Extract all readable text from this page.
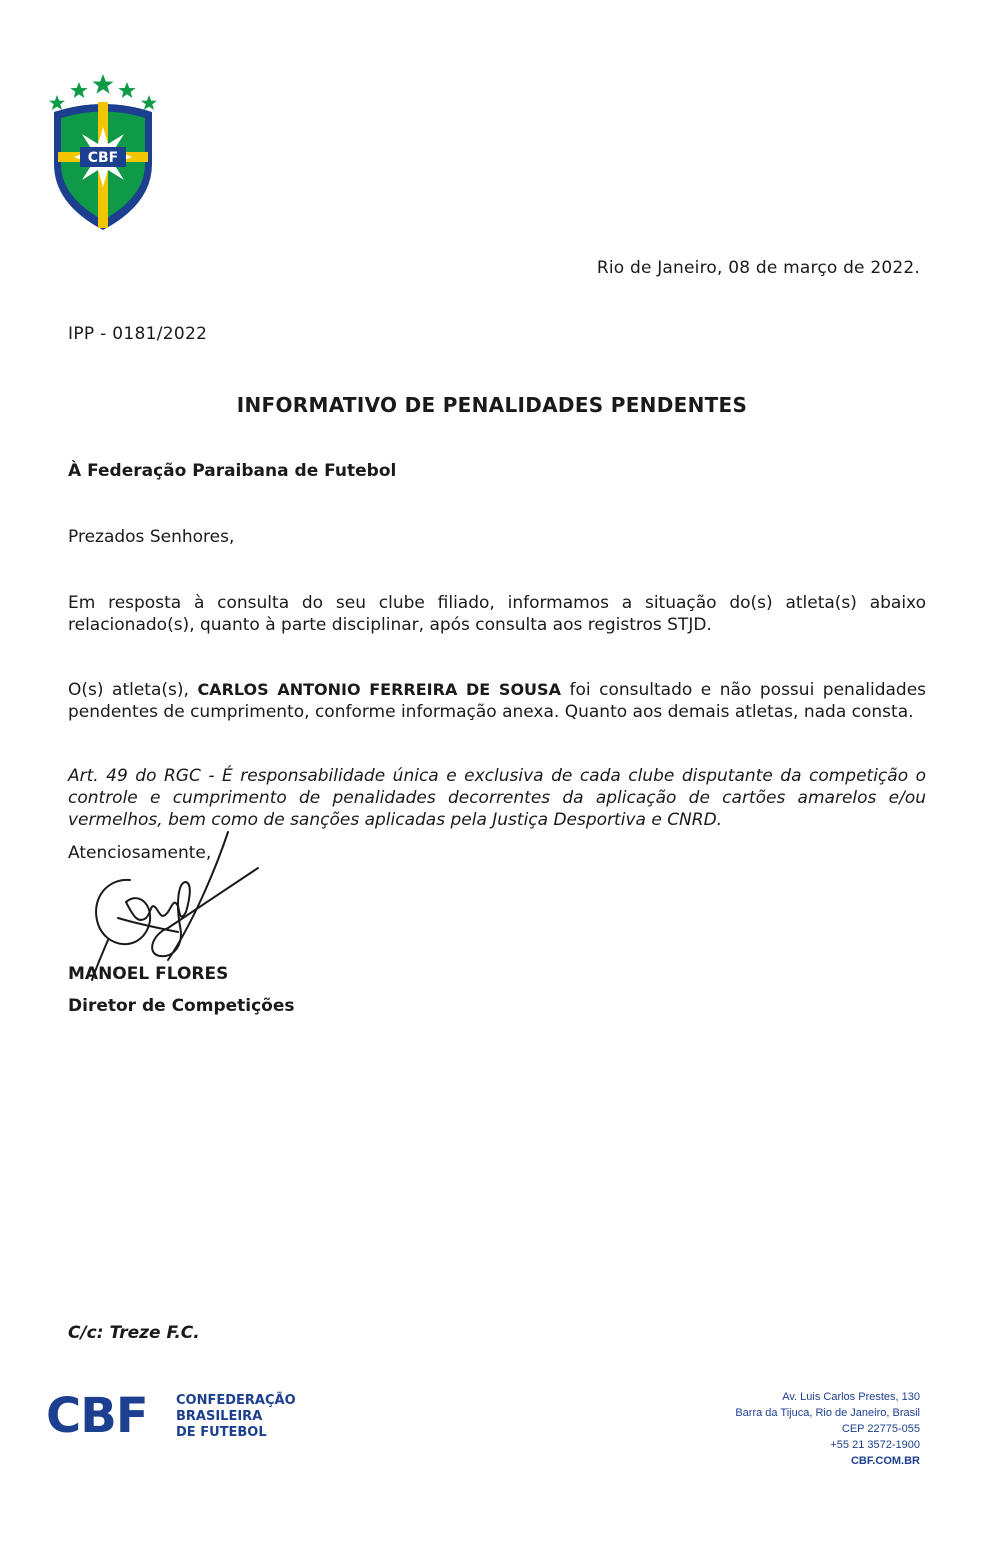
CBF
Rio de Janeiro, 08 de março de 2022.
IPP - 0181/2022
INFORMATIVO DE PENALIDADES PENDENTES
À Federação Paraibana de Futebol
Prezados Senhores,
Em resposta à consulta do seu clube filiado, informamos a situação do(s) atleta(s) abaixo relacionado(s), quanto à parte disciplinar, após consulta aos registros STJD.
O(s) atleta(s), CARLOS ANTONIO FERREIRA DE SOUSA foi consultado e não possui penalidades pendentes de cumprimento, conforme informação anexa. Quanto aos demais atletas, nada consta.
Art. 49 do RGC - É responsabilidade única e exclusiva de cada clube disputante da competição o controle e cumprimento de penalidades decorrentes da aplicação de cartões amarelos e/ou vermelhos, bem como de sanções aplicadas pela Justiça Desportiva e CNRD.
Atenciosamente,
MANOEL FLORES
Diretor de Competições
C/c: Treze F.C.
CBF CONFEDERAÇÃO
BRASILEIRA
DE FUTEBOL
Av. Luis Carlos Prestes, 130
Barra da Tijuca, Rio de Janeiro, Brasil
CEP 22775-055
+55 21 3572-1900
CBF.COM.BR
